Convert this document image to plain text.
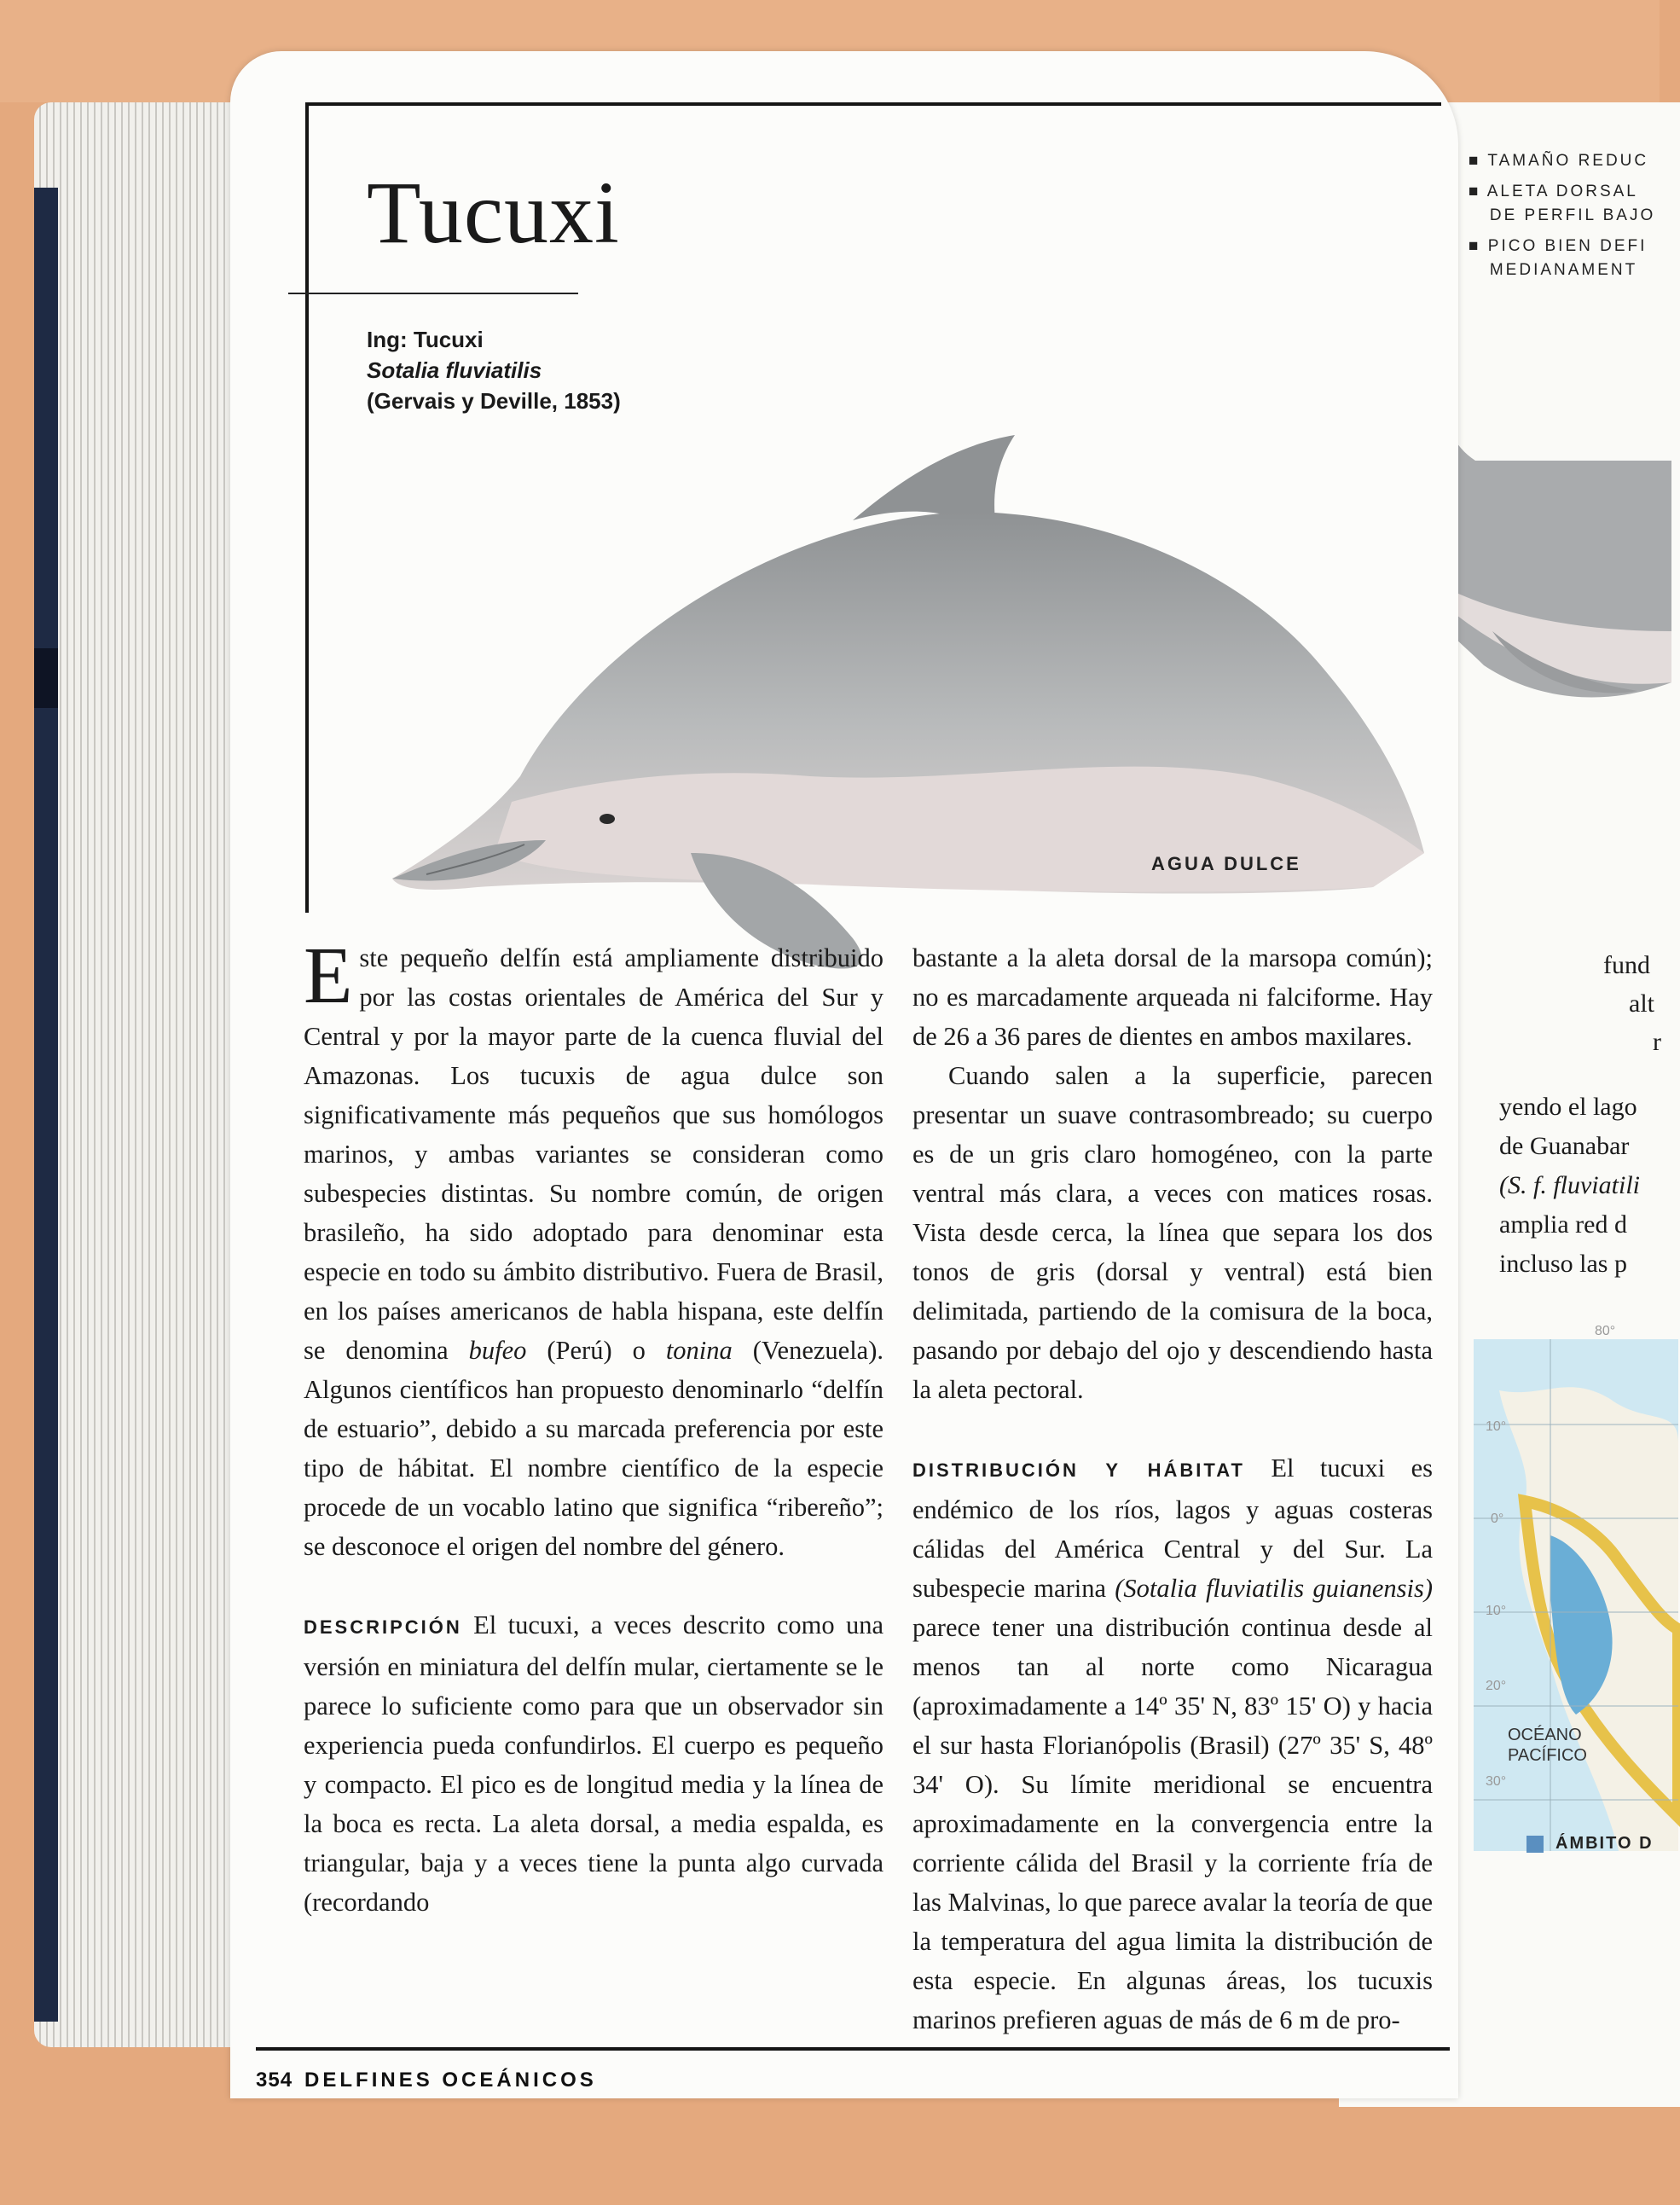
■ TAMAÑO REDUC
■ ALETA DORSAL
DE PERFIL BAJO
■ PICO BIEN DEFI
MEDIANAMENT
fund
alt
r
yendo el lago
de Guanabar
(S. f. fluviatili
amplia red d
incluso las p
OCÉANO
PACÍFICO
80°
10°
0°
10°
20°
30°
ÁMBITO D
Tucuxi
Ing: Tucuxi
Sotalia fluviatilis
(Gervais y Deville, 1853)
AGUA DULCE

Este pequeño delfín está ampliamente distribuido por las costas orientales de América del Sur y Central y por la mayor parte de la cuenca fluvial del Amazonas. Los tucuxis de agua dulce son significativamente más pequeños que sus homólogos marinos, y ambas variantes se consideran como subespecies distintas. Su nombre común, de origen brasileño, ha sido adoptado para denominar esta especie en todo su ámbito distributivo. Fuera de Brasil, en los países americanos de habla hispana, este delfín se denomina bufeo (Perú) o tonina (Venezuela). Algunos científicos han propuesto denominarlo “delfín de estuario”, debido a su marcada preferencia por este tipo de hábitat. El nombre científico de la especie procede de un vocablo latino que significa “ribereño”; se desconoce el origen del nombre del género.

DESCRIPCIÓN El tucuxi, a veces descrito como una versión en miniatura del delfín mular, ciertamente se le parece lo suficiente como para que un observador sin experiencia pueda confundirlos. El cuerpo es pequeño y compacto. El pico es de longitud media y la línea de la boca es recta. La aleta dorsal, a media espalda, es triangular, baja y a veces tiene la punta algo curvada (recordando

bastante a la aleta dorsal de la marsopa común); no es marcadamente arqueada ni falciforme. Hay de 26 a 36 pares de dientes en ambos maxilares.

Cuando salen a la superficie, parecen presentar un suave contrasombreado; su cuerpo es de un gris claro homogéneo, con la parte ventral más clara, a veces con matices rosas. Vista desde cerca, la línea que separa los dos tonos de gris (dorsal y ventral) está bien delimitada, partiendo de la comisura de la boca, pasando por debajo del ojo y descendiendo hasta la aleta pectoral.

DISTRIBUCIÓN Y HÁBITAT El tucuxi es endémico de los ríos, lagos y aguas costeras cálidas del América Central y del Sur. La subespecie marina (Sotalia fluviatilis guianensis) parece tener una distribución continua desde al menos tan al norte como Nicaragua (aproximadamente a 14º 35' N, 83º 15' O) y hacia el sur hasta Florianópolis (Brasil) (27º 35' S, 48º 34' O). Su límite meridional se encuentra aproximadamente en la convergencia entre la corriente cálida del Brasil y la corriente fría de las Malvinas, lo que parece avalar la teoría de que la temperatura del agua limita la distribución de esta especie. En algunas áreas, los tucuxis marinos prefieren aguas de más de 6 m de pro-

354 DELFINES OCEÁNICOS
